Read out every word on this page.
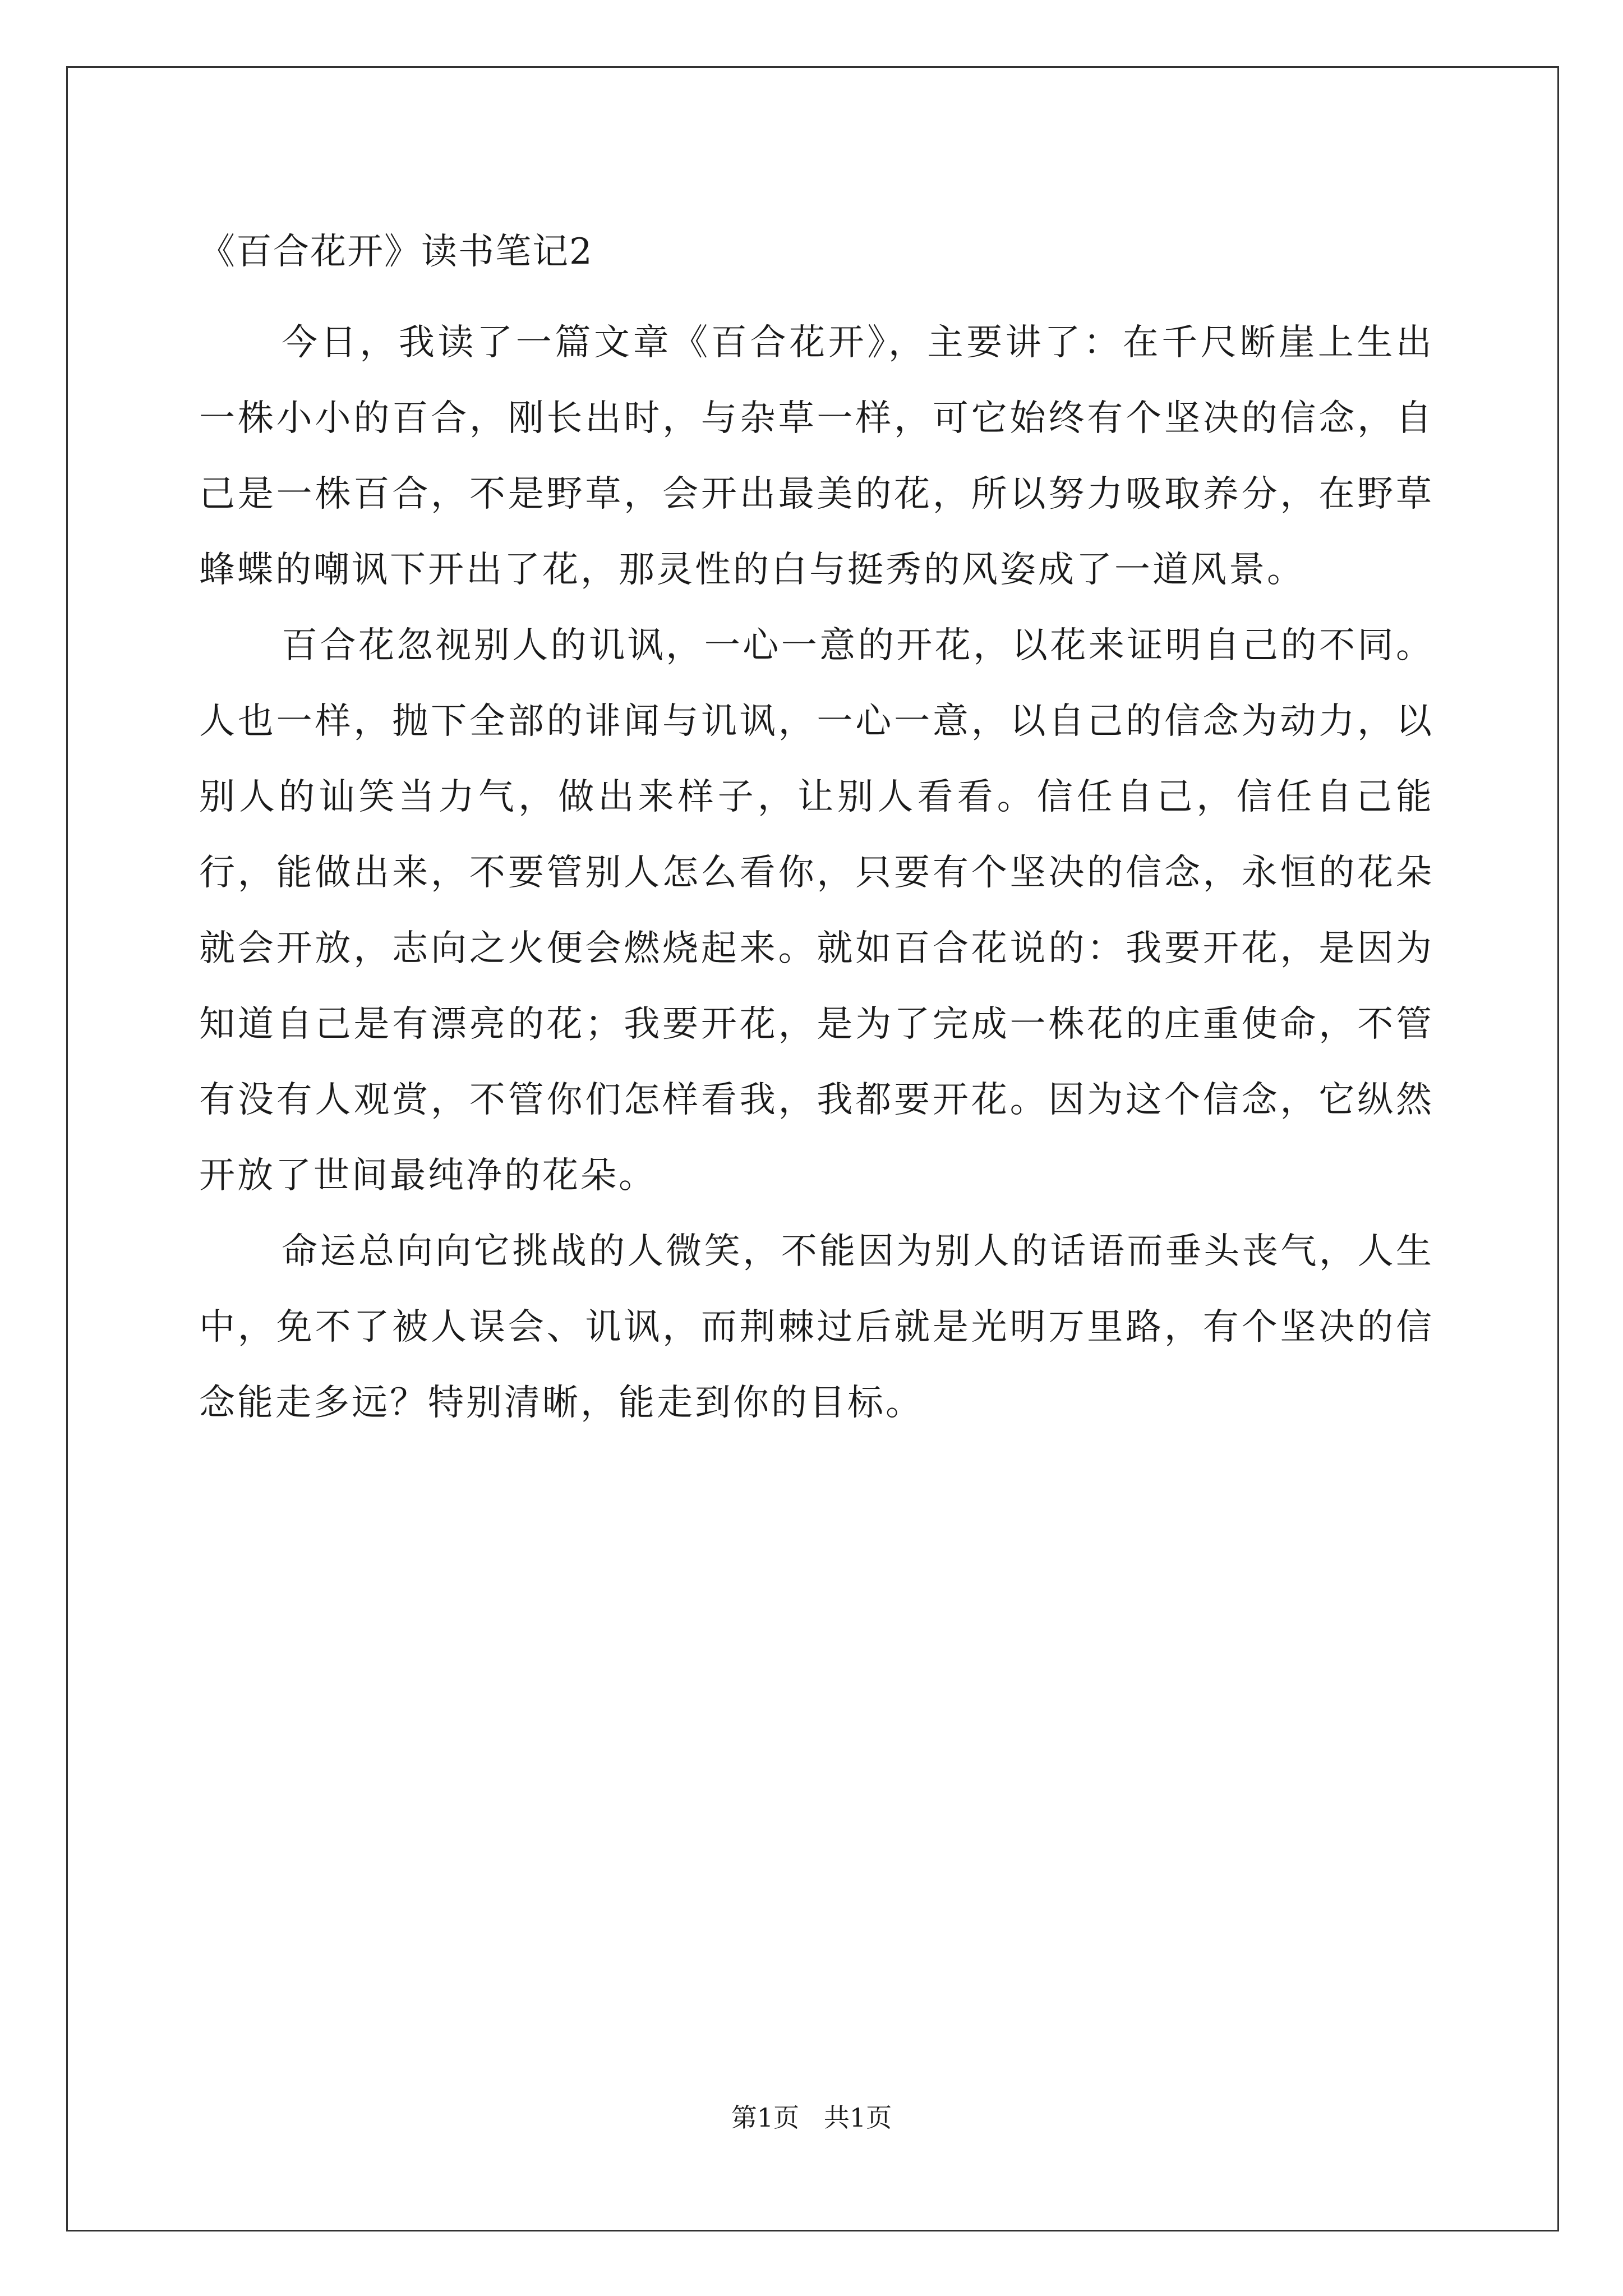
《百合花开》读书笔记2

今日，我读了一篇文章《百合花开》，主要讲了：在千尺断崖上生出一株小小的百合，刚长出时，与杂草一样，可它始终有个坚决的信念，自己是一株百合，不是野草，会开出最美的花，所以努力吸取养分，在野草蜂蝶的嘲讽下开出了花，那灵性的白与挺秀的风姿成了一道风景。

百合花忽视别人的讥讽，一心一意的开花，以花来证明自己的不同。人也一样，抛下全部的诽闻与讥讽，一心一意，以自己的信念为动力，以别人的讪笑当力气，做出来样子，让别人看看。信任自己，信任自己能行，能做出来，不要管别人怎么看你，只要有个坚决的信念，永恒的花朵就会开放，志向之火便会燃烧起来。就如百合花说的：我要开花，是因为知道自己是有漂亮的花；我要开花，是为了完成一株花的庄重使命，不管有没有人观赏，不管你们怎样看我，我都要开花。因为这个信念，它纵然开放了世间最纯净的花朵。

命运总向向它挑战的人微笑，不能因为别人的话语而垂头丧气，人生中，免不了被人误会、讥讽，而荆棘过后就是光明万里路，有个坚决的信念能走多远？特别清晰，能走到你的目标。

第1页   共1页
